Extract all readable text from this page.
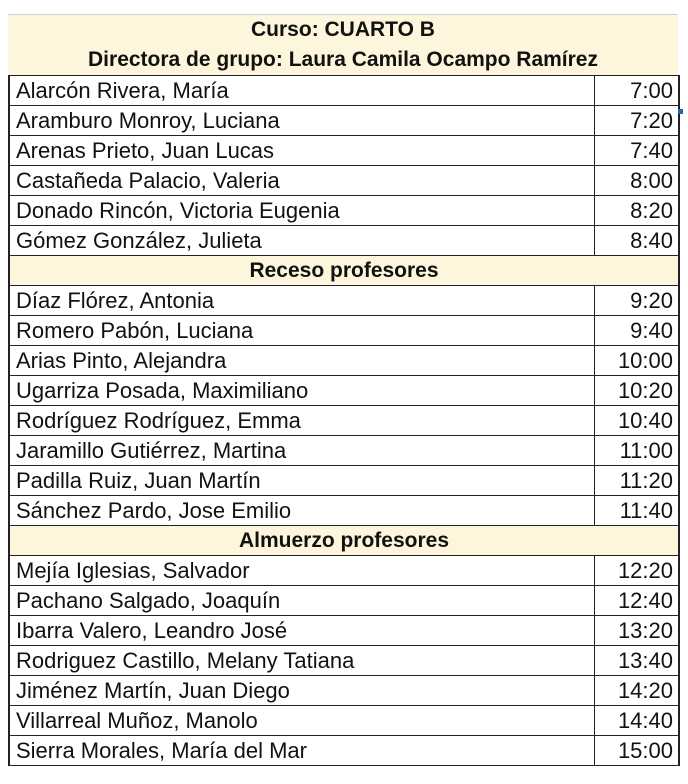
Curso: CUARTO B
Directora de grupo: Laura Camila Ocampo Ramírez
Alarcón Rivera, María	7:00
Aramburo Monroy, Luciana	7:20
Arenas Prieto, Juan Lucas	7:40
Castañeda Palacio, Valeria	8:00
Donado Rincón, Victoria Eugenia	8:20
Gómez González, Julieta	8:40
Receso profesores	
Díaz Flórez, Antonia	9:20
Romero Pabón, Luciana	9:40
Arias Pinto, Alejandra	10:00
Ugarriza Posada, Maximiliano	10:20
Rodríguez Rodríguez, Emma	10:40
Jaramillo Gutiérrez, Martina	11:00
Padilla Ruiz, Juan Martín	11:20
Sánchez Pardo, Jose Emilio	11:40
Almuerzo profesores	
Mejía Iglesias, Salvador	12:20
Pachano Salgado, Joaquín	12:40
Ibarra Valero, Leandro José	13:20
Rodriguez Castillo, Melany Tatiana	13:40
Jiménez Martín, Juan Diego	14:20
Villarreal Muñoz, Manolo	14:40
Sierra Morales, María del Mar	15:00
